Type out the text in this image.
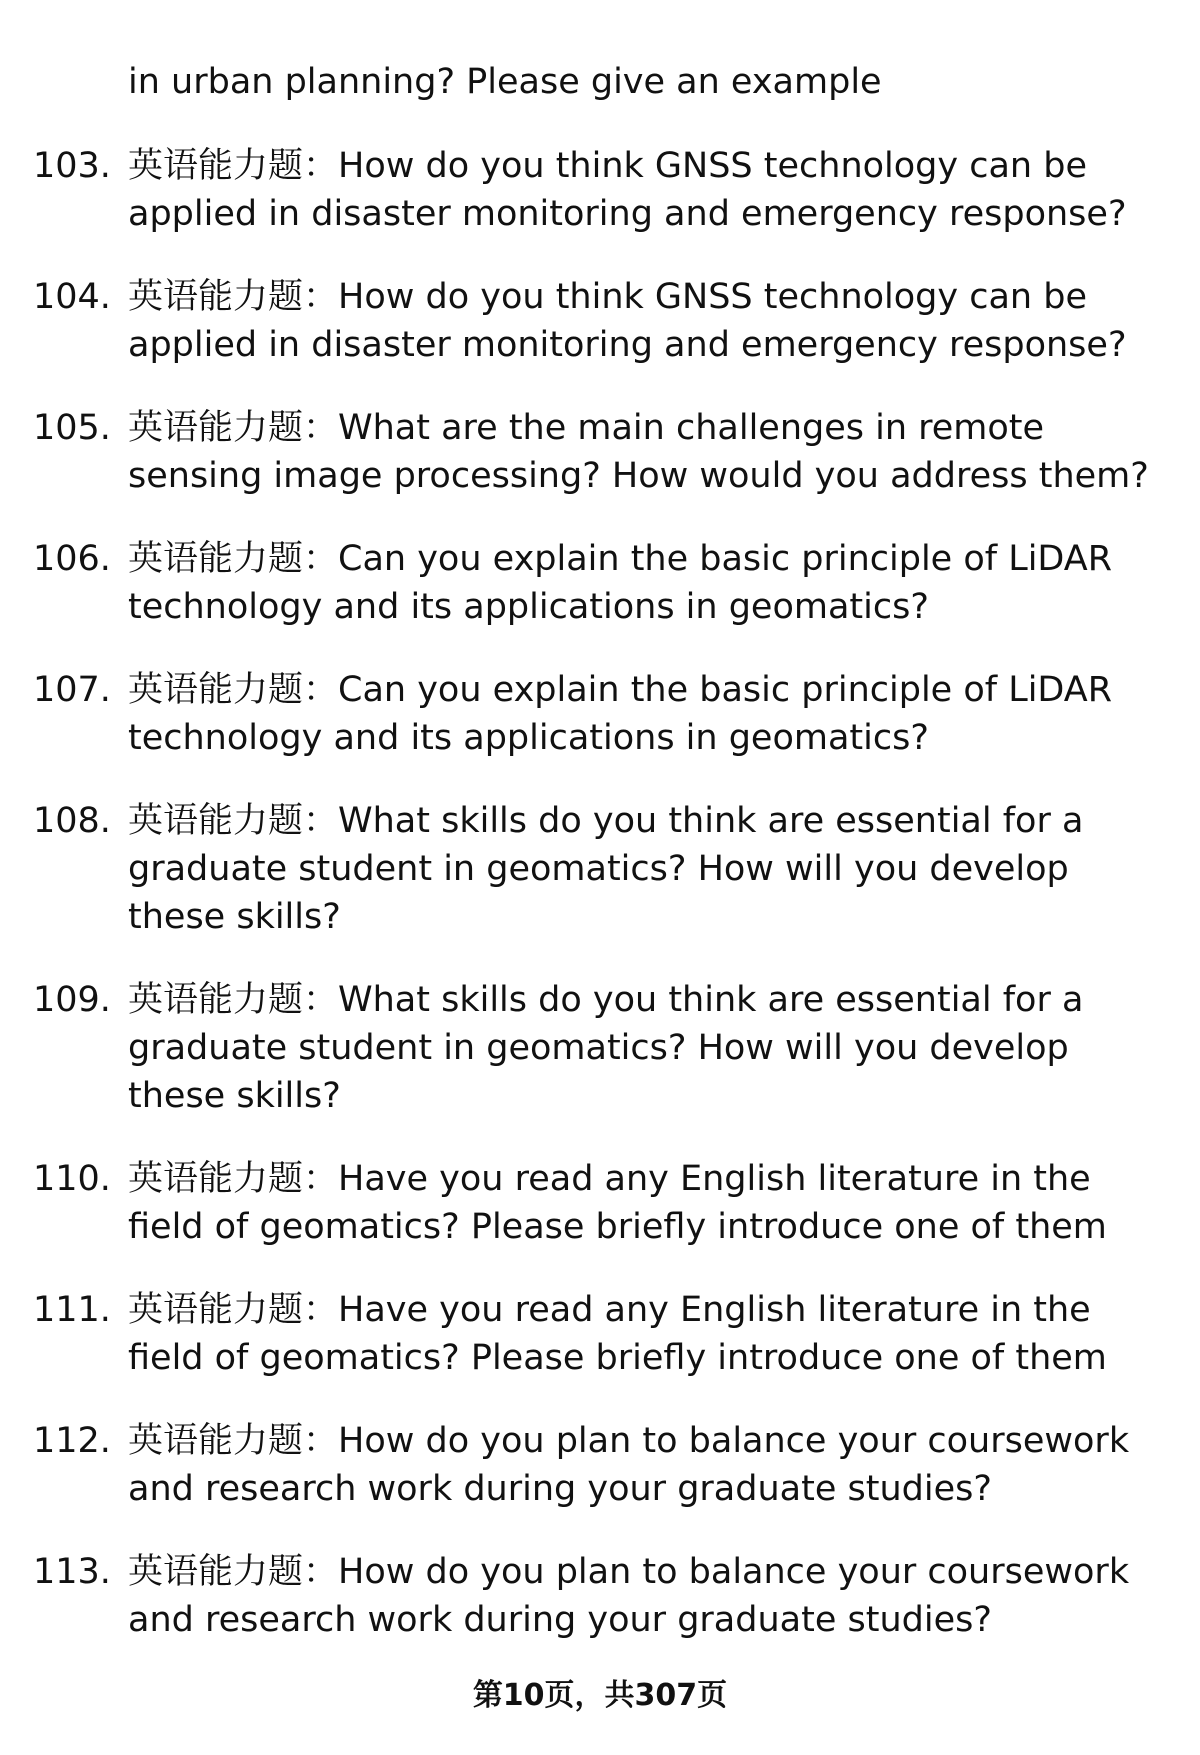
in urban planning? Please give an example
103. 英语能力题：How do you think GNSS technology can be
applied in disaster monitoring and emergency response?
104. 英语能力题：How do you think GNSS technology can be
applied in disaster monitoring and emergency response?
105. 英语能力题：What are the main challenges in remote
sensing image processing? How would you address them?
106. 英语能力题：Can you explain the basic principle of LiDAR
technology and its applications in geomatics?
107. 英语能力题：Can you explain the basic principle of LiDAR
technology and its applications in geomatics?
108. 英语能力题：What skills do you think are essential for a
graduate student in geomatics? How will you develop
these skills?
109. 英语能力题：What skills do you think are essential for a
graduate student in geomatics? How will you develop
these skills?
110. 英语能力题：Have you read any English literature in the
field of geomatics? Please briefly introduce one of them
111. 英语能力题：Have you read any English literature in the
field of geomatics? Please briefly introduce one of them
112. 英语能力题：How do you plan to balance your coursework
and research work during your graduate studies?
113. 英语能力题：How do you plan to balance your coursework
and research work during your graduate studies?
第10页，共307页
